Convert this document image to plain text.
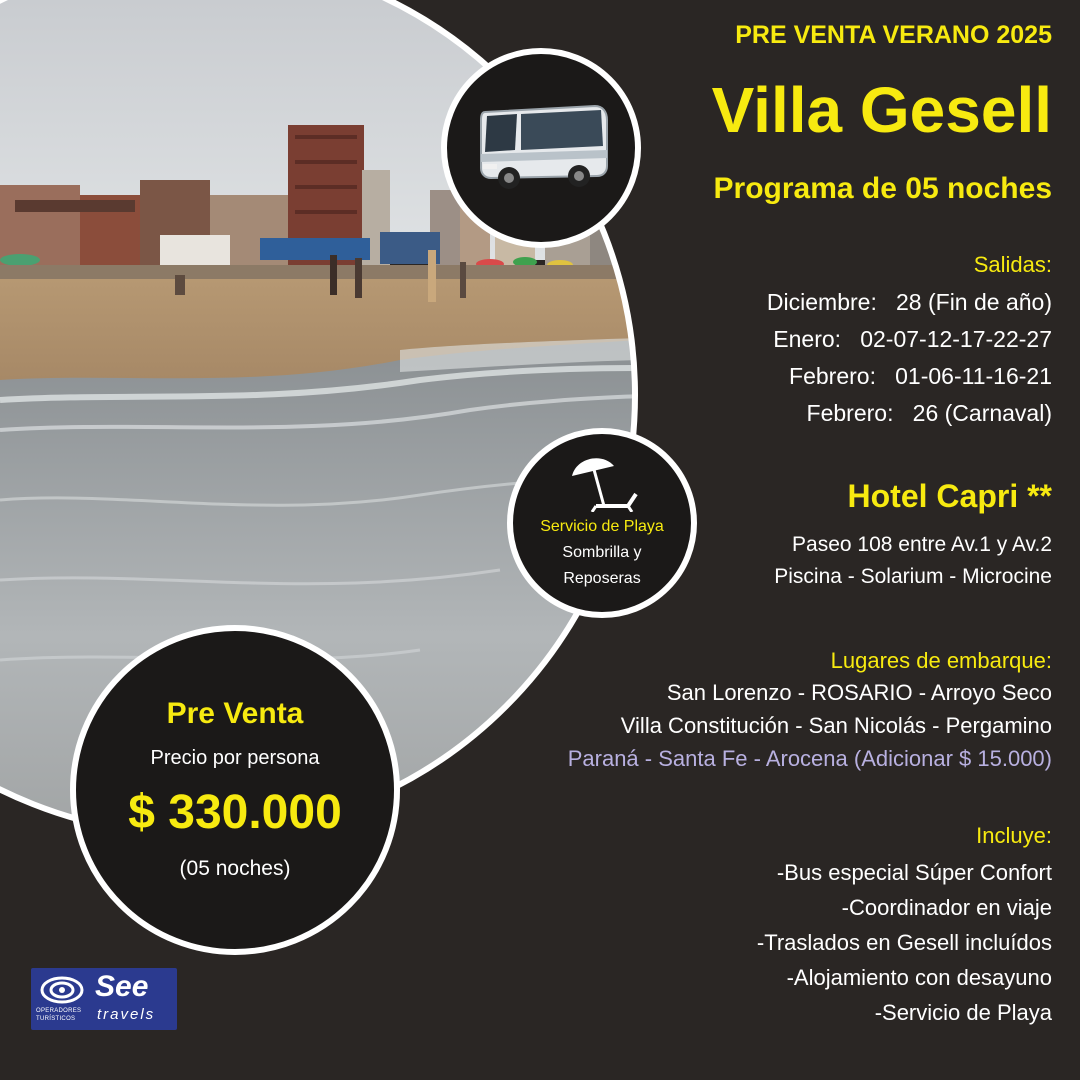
Servicio de Playa
Sombrilla y
Reposeras
Pre Venta
Precio por persona
$ 330.000
(05 noches)
PRE VENTA VERANO 2025
Villa Gesell
Programa de 05 noches
Salidas:
Diciembre: 28 (Fin de año)
Enero: 02-07-12-17-22-27
Febrero: 01-06-11-16-21
Febrero: 26 (Carnaval)
Hotel Capri **
Paseo 108 entre Av.1 y Av.2
Piscina - Solarium - Microcine
Lugares de embarque:
San Lorenzo - ROSARIO - Arroyo Seco
Villa Constitución - San Nicolás - Pergamino
Paraná - Santa Fe - Arocena (Adicionar $ 15.000)
Incluye:
-Bus especial Súper Confort
-Coordinador en viaje
-Traslados en Gesell incluídos
-Alojamiento con desayuno
-Servicio de Playa
OPERADORES
TURÍSTICOS
See
travels
